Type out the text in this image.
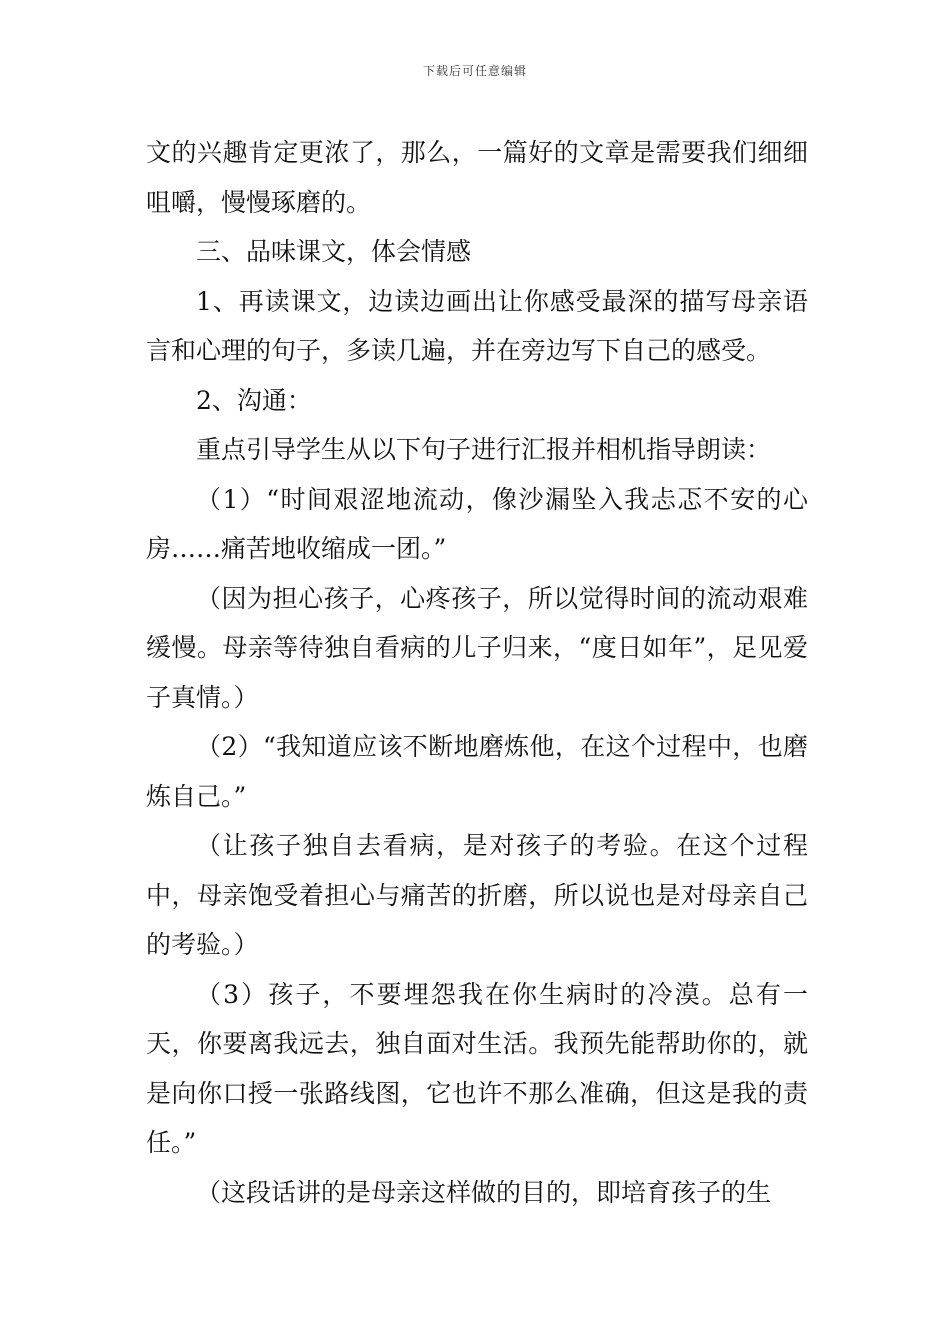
下载后可任意编辑

文的兴趣肯定更浓了，那么，一篇好的文章是需要我们细细咀嚼，慢慢琢磨的。

三、品味课文，体会情感

1、再读课文，边读边画出让你感受最深的描写母亲语言和心理的句子，多读几遍，并在旁边写下自己的感受。

2、沟通：

重点引导学生从以下句子进行汇报并相机指导朗读：

（1）“时间艰涩地流动，像沙漏坠入我忐忑不安的心房……痛苦地收缩成一团。”

（因为担心孩子，心疼孩子，所以觉得时间的流动艰难缓慢。母亲等待独自看病的儿子归来，“度日如年”，足见爱子真情。）

（2）“我知道应该不断地磨炼他，在这个过程中，也磨炼自己。”

（让孩子独自去看病，是对孩子的考验。在这个过程中，母亲饱受着担心与痛苦的折磨，所以说也是对母亲自己的考验。）

（3）孩子，不要埋怨我在你生病时的冷漠。总有一天，你要离我远去，独自面对生活。我预先能帮助你的，就是向你口授一张路线图，它也许不那么准确，但这是我的责任。”

（这段话讲的是母亲这样做的目的，即培育孩子的生
